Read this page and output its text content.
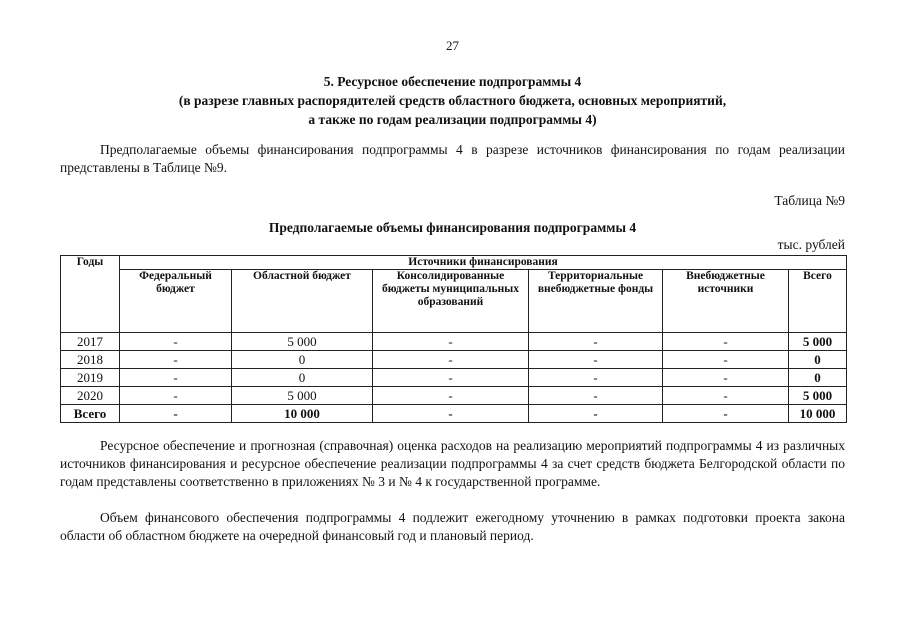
27
5. Ресурсное обеспечение подпрограммы 4
(в разрезе главных распорядителей средств областного бюджета, основных мероприятий,
а также по годам реализации подпрограммы 4)
Предполагаемые объемы финансирования подпрограммы 4 в разрезе источников финансирования по годам реализации представлены в Таблице №9.
Таблица №9
Предполагаемые объемы финансирования подпрограммы 4
тыс. рублей
Годы	Источники финансирования					
	Федеральный бюджет	Областной бюджет	Консолидированные бюджеты муниципальных образований	Территориальные внебюджетные фонды	Внебюджетные источники	Всего
2017	-	5 000	-	-	-	5 000
2018	-	0	-	-	-	0
2019	-	0	-	-	-	0
2020	-	5 000	-	-	-	5 000
Всего	-	10 000	-	-	-	10 000
Ресурсное обеспечение и прогнозная (справочная) оценка расходов на реализацию мероприятий подпрограммы 4 из различных источников финансирования и ресурсное обеспечение реализации подпрограммы 4 за счет средств бюджета Белгородской области по годам представлены соответственно в приложениях № 3 и № 4 к государственной программе.
Объем финансового обеспечения подпрограммы 4 подлежит ежегодному уточнению в рамках подготовки проекта закона области об областном бюджете на очередной финансовый год и плановый период.
